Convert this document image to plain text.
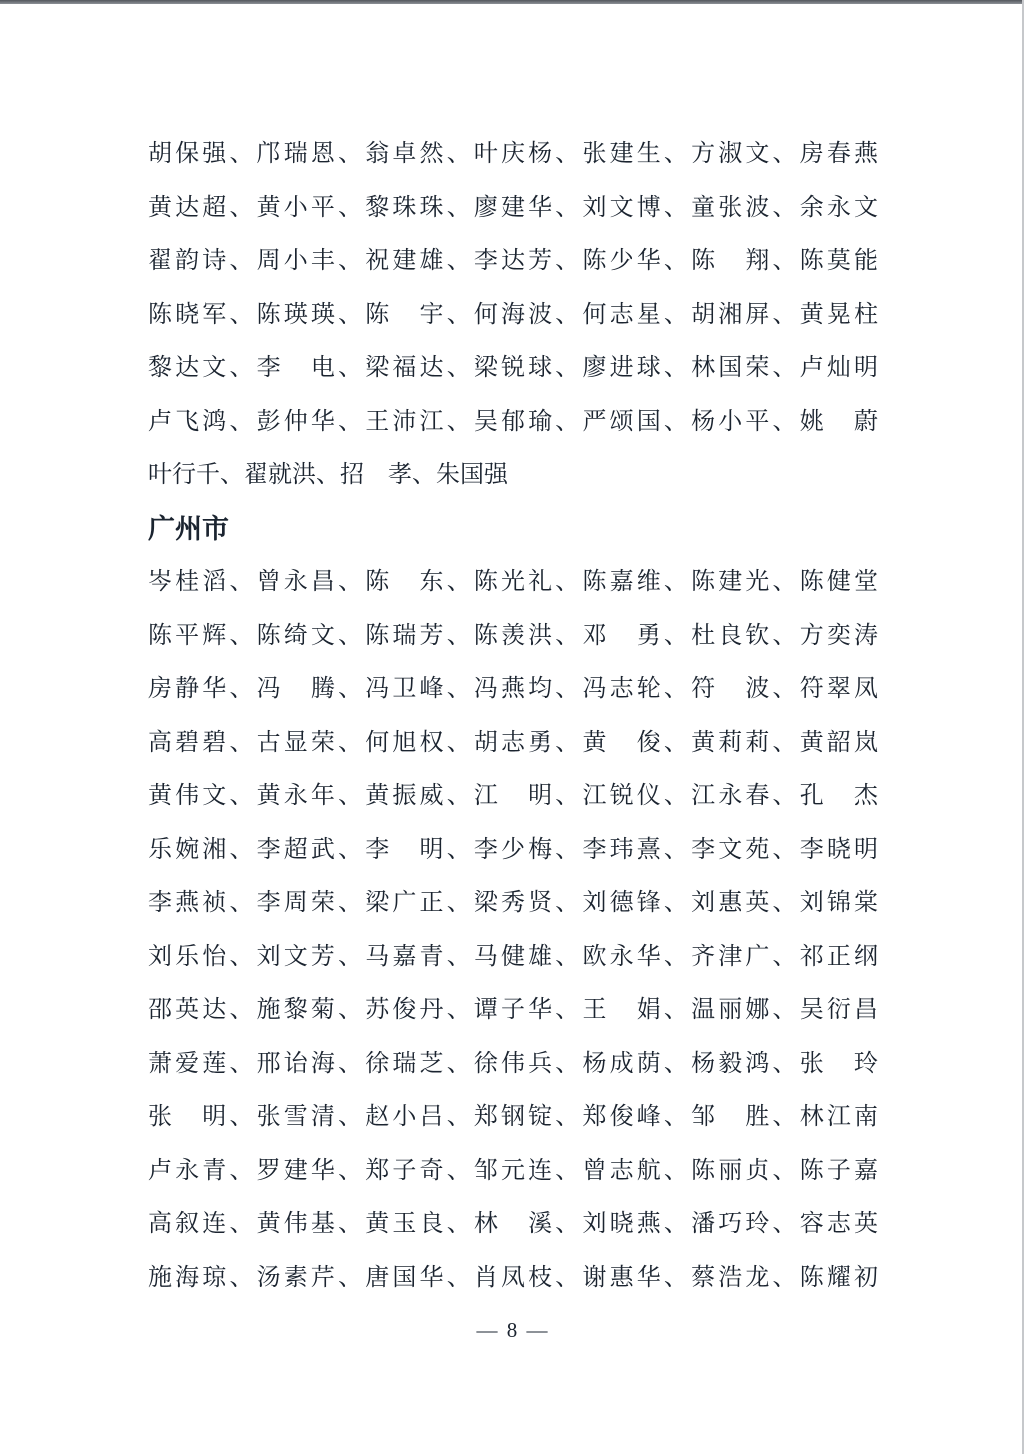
胡保强、邝瑞恩、翁卓然、叶庆杨、张建生、方淑文、房春燕
黄达超、黄小平、黎珠珠、廖建华、刘文博、童张波、余永文
翟韵诗、周小丰、祝建雄、李达芳、陈少华、陈　翔、陈莫能
陈晓军、陈瑛瑛、陈　宇、何海波、何志星、胡湘屏、黄晃柱
黎达文、李　电、梁福达、梁锐球、廖进球、林国荣、卢灿明
卢飞鸿、彭仲华、王沛江、吴郁瑜、严颂国、杨小平、姚　蔚
叶行千、翟就洪、招　孝、朱国强
广州市
岑桂滔、曾永昌、陈　东、陈光礼、陈嘉维、陈建光、陈健堂
陈平辉、陈绮文、陈瑞芳、陈羡洪、邓　勇、杜良钦、方奕涛
房静华、冯　腾、冯卫峰、冯燕均、冯志轮、符　波、符翠凤
高碧碧、古显荣、何旭权、胡志勇、黄　俊、黄莉莉、黄韶岚
黄伟文、黄永年、黄振威、江　明、江锐仪、江永春、孔　杰
乐婉湘、李超武、李　明、李少梅、李玮熹、李文苑、李晓明
李燕祯、李周荣、梁广正、梁秀贤、刘德锋、刘惠英、刘锦棠
刘乐怡、刘文芳、马嘉青、马健雄、欧永华、齐津广、祁正纲
邵英达、施黎菊、苏俊丹、谭子华、王　娟、温丽娜、吴衍昌
萧爱莲、邢诒海、徐瑞芝、徐伟兵、杨成荫、杨毅鸿、张　玲
张　明、张雪清、赵小吕、郑钢锭、郑俊峰、邹　胜、林江南
卢永青、罗建华、郑子奇、邹元连、曾志航、陈丽贞、陈子嘉
高叙连、黄伟基、黄玉良、林　溪、刘晓燕、潘巧玲、容志英
施海琼、汤素芹、唐国华、肖凤枝、谢惠华、蔡浩龙、陈耀初
— 8 —
